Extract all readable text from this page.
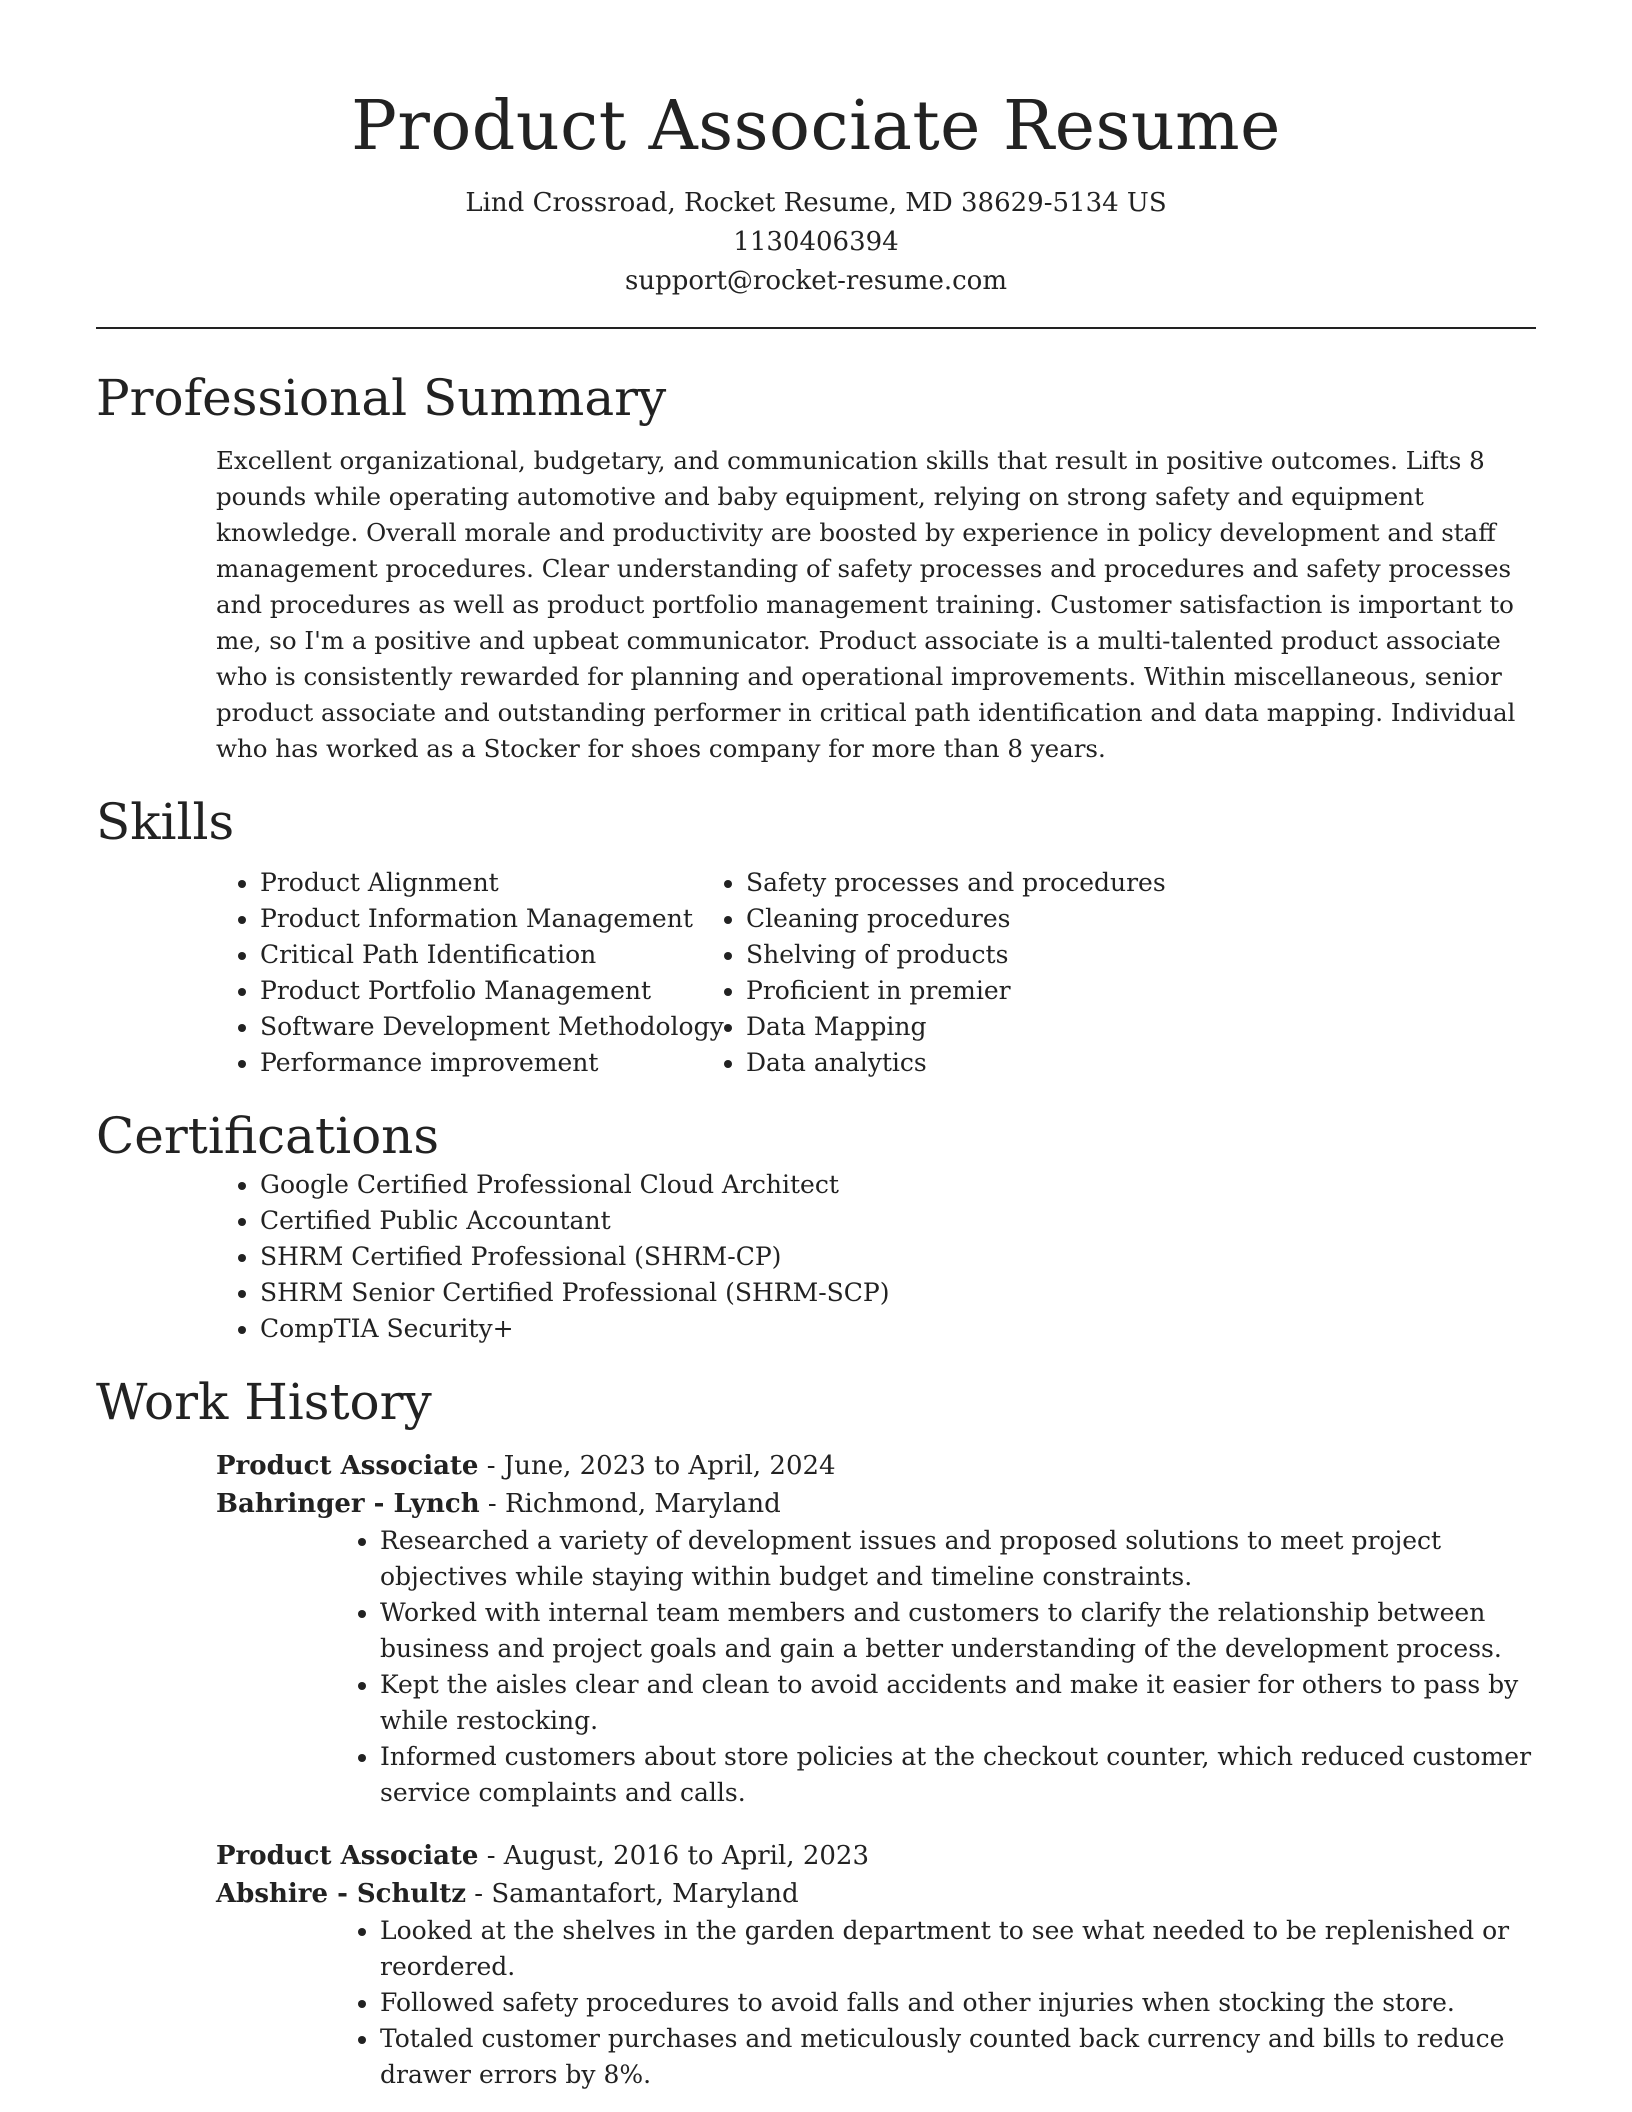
Product Associate Resume
Lind Crossroad, Rocket Resume, MD 38629-5134 US
1130406394
support@rocket-resume.com
Professional Summary

Excellent organizational, budgetary, and communication skills that result in positive outcomes. Lifts 8 pounds while operating automotive and baby equipment, relying on strong safety and equipment knowledge. Overall morale and productivity are boosted by experience in policy development and staff management procedures. Clear understanding of safety processes and procedures and safety processes and procedures as well as product portfolio management training. Customer satisfaction is important to me, so I'm a positive and upbeat communicator. Product associate is a multi-talented product associate who is consistently rewarded for planning and operational improvements. Within miscellaneous, senior product associate and outstanding performer in critical path identification and data mapping. Individual who has worked as a Stocker for shoes company for more than 8 years.

Skills
• Product Alignment
• Product Information Management
• Critical Path Identification
• Product Portfolio Management
• Software Development Methodology
• Performance improvement
• Safety processes and procedures
• Cleaning procedures
• Shelving of products
• Proficient in premier
• Data Mapping
• Data analytics
Certifications
• Google Certified Professional Cloud Architect
• Certified Public Accountant
• SHRM Certified Professional (SHRM-CP)
• SHRM Senior Certified Professional (SHRM-SCP)
• CompTIA Security+
Work History
Product Associate - June, 2023 to April, 2024
Bahringer - Lynch - Richmond, Maryland
• Researched a variety of development issues and proposed solutions to meet project objectives while staying within budget and timeline constraints.
• Worked with internal team members and customers to clarify the relationship between business and project goals and gain a better understanding of the development process.
• Kept the aisles clear and clean to avoid accidents and make it easier for others to pass by while restocking.
• Informed customers about store policies at the checkout counter, which reduced customer service complaints and calls.
Product Associate - August, 2016 to April, 2023
Abshire - Schultz - Samantafort, Maryland
• Looked at the shelves in the garden department to see what needed to be replenished or reordered.
• Followed safety procedures to avoid falls and other injuries when stocking the store.
• Totaled customer purchases and meticulously counted back currency and bills to reduce drawer errors by 8%.
